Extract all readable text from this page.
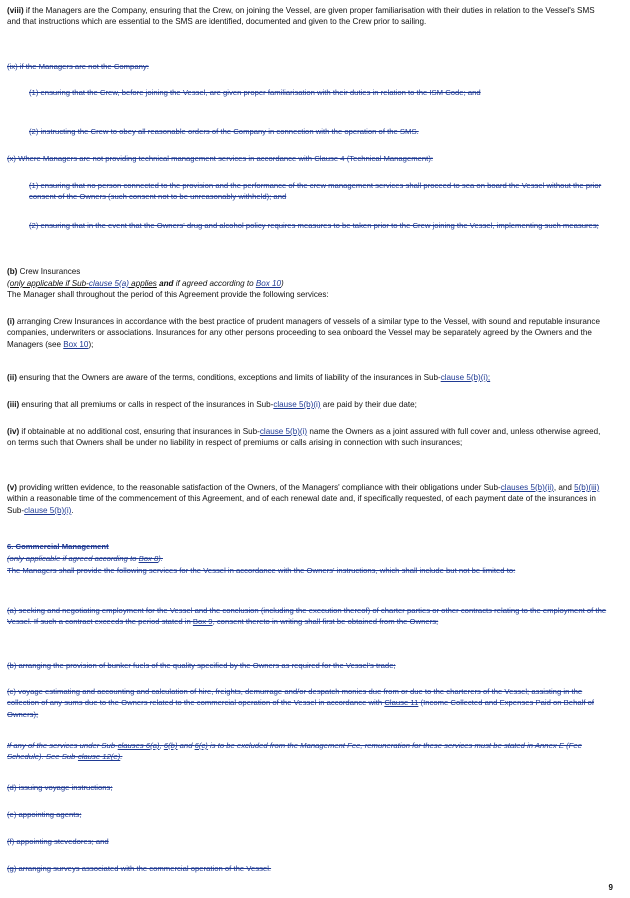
(viii) if the Managers are the Company, ensuring that the Crew, on joining the Vessel, are given proper familiarisation with their duties in relation to the Vessel's SMS and that instructions which are essential to the SMS are identified, documented and given to the Crew prior to sailing.

(ix) if the Managers are not the Company:

(1) ensuring that the Crew, before joining the Vessel, are given proper familiarisation with their duties in relation to the ISM Code; and

(2) instructing the Crew to obey all reasonable orders of the Company in connection with the operation of the SMS.

(x) Where Managers are not providing technical management services in accordance with Clause 4 (Technical Management):

(1) ensuring that no person connected to the provision and the performance of the crew management services shall proceed to sea on board the Vessel without the prior consent of the Owners (such consent not to be unreasonably withheld); and

(2) ensuring that in the event that the Owners' drug and alcohol policy requires measures to be taken prior to the Crew joining the Vessel, implementing such measures;

(b) Crew Insurances

(only applicable if Sub-clause 5(a) applies and if agreed according to Box 10)

The Manager shall throughout the period of this Agreement provide the following services:

(i) arranging Crew Insurances in accordance with the best practice of prudent managers of vessels of a similar type to the Vessel, with sound and reputable insurance companies, underwriters or associations. Insurances for any other persons proceeding to sea onboard the Vessel may be separately agreed by the Owners and the Managers (see Box 10);

(ii) ensuring that the Owners are aware of the terms, conditions, exceptions and limits of liability of the insurances in Sub-clause 5(b)(i);

(iii) ensuring that all premiums or calls in respect of the insurances in Sub-clause 5(b)(i) are paid by their due date;

(iv) if obtainable at no additional cost, ensuring that insurances in Sub-clause 5(b)(i) name the Owners as a joint assured with full cover and, unless otherwise agreed, on terms such that Owners shall be under no liability in respect of premiums or calls arising in connection with such insurances;

(v) providing written evidence, to the reasonable satisfaction of the Owners, of the Managers' compliance with their obligations under Sub-clauses 5(b)(ii), and 5(b)(iii) within a reasonable time of the commencement of this Agreement, and of each renewal date and, if specifically requested, of each payment date of the insurances in Sub-clause 5(b)(i).

6. Commercial Management

(only applicable if agreed according to Box 8).

The Managers shall provide the following services for the Vessel in accordance with the Owners' instructions, which shall include but not be limited to:

(a) seeking and negotiating employment for the Vessel and the conclusion (including the execution thereof) of charter parties or other contracts relating to the employment of the Vessel. If such a contract exceeds the period stated in Box 9, consent thereto in writing shall first be obtained from the Owners;

(b) arranging the provision of bunker fuels of the quality specified by the Owners as required for the Vessel's trade;

(c) voyage estimating and accounting and calculation of hire, freights, demurrage and/or despatch monies due from or due to the charterers of the Vessel; assisting in the collection of any sums due to the Owners related to the commercial operation of the Vessel in accordance with Clause 11 (Income Collected and Expenses Paid on Behalf of Owners);

If any of the services under Sub-clauses 6(a), 6(b) and 6(c) is to be excluded from the Management Fee, remuneration for these services must be stated in Annex E (Fee Schedule). See Sub-clause 12(e).

(d) issuing voyage instructions;

(e) appointing agents;

(f) appointing stevedores; and

(g) arranging surveys associated with the commercial operation of the Vessel.

9
